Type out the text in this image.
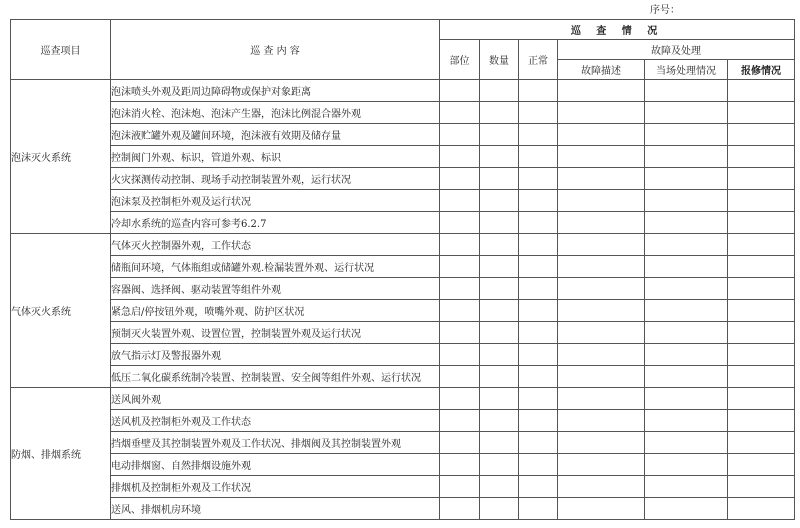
序号：
巡查项目	巡 查 内 容	巡 查 情 况					
		部位	数量	正常	故障及处理		
					故障描述	当场处理情况	报修情况
泡沫灭火系统	泡沫喷头外观及距周边障碍物或保护对象距离						
	泡沫消火栓、泡沫炮、泡沫产生器，泡沫比例混合器外观						
	泡沫液贮罐外观及罐间环境，泡沫液有效期及储存量						
	控制阀门外观、标识，管道外观、标识						
	火灾探测传动控制、现场手动控制装置外观，运行状况						
	泡沫泵及控制柜外观及运行状况						
	冷却水系统的巡查内容可参考6.2.7						
气体灭火系统	气体灭火控制器外观，工作状态						
	储瓶间环境，气体瓶组或储罐外观.检漏装置外观、运行状况						
	容器阀、选择阀、驱动装置等组件外观						
	紧急启/停按钮外观，喷嘴外观、防护区状况						
	预制灭火装置外观、设置位置，控制装置外观及运行状况						
	放气指示灯及警报器外观						
	低压二氧化碳系统制冷装置、控制装置、安全阀等组件外观、运行状况						
防烟、排烟系统	送风阀外观						
	送风机及控制柜外观及工作状态						
	挡烟垂壁及其控制装置外观及工作状况、排烟阀及其控制装置外观						
	电动排烟窗、自然排烟设施外观						
	排烟机及控制柜外观及工作状况						
	送风、排烟机房环境						
